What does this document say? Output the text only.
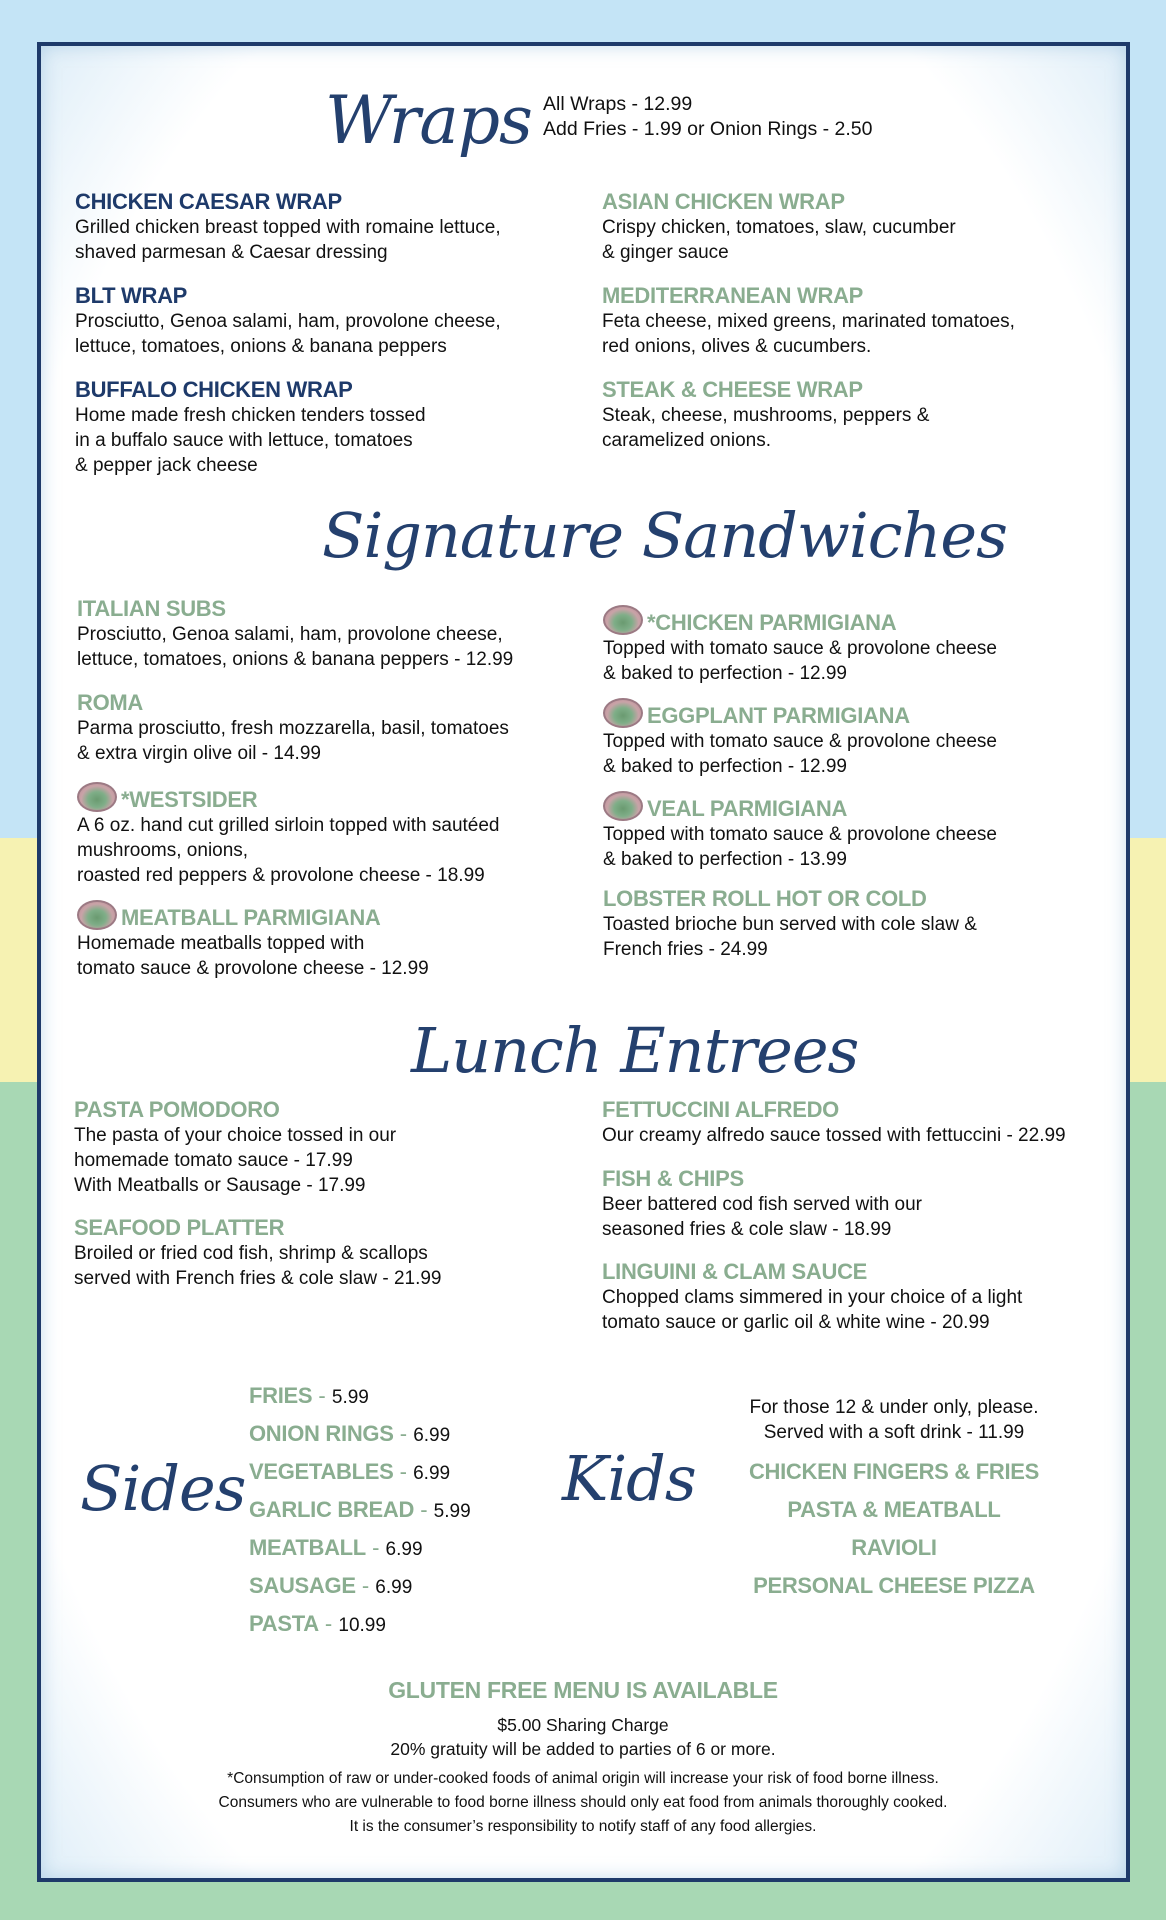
Wraps All Wraps - 12.99
Add Fries - 1.99 or Onion Rings - 2.50
CHICKEN CAESAR WRAP
Grilled chicken breast topped with romaine lettuce,
shaved parmesan & Caesar dressing
BLT WRAP
Prosciutto, Genoa salami, ham, provolone cheese,
lettuce, tomatoes, onions & banana peppers
BUFFALO CHICKEN WRAP
Home made fresh chicken tenders tossed
in a buffalo sauce with lettuce, tomatoes
& pepper jack cheese
ASIAN CHICKEN WRAP
Crispy chicken, tomatoes, slaw, cucumber
& ginger sauce
MEDITERRANEAN WRAP
Feta cheese, mixed greens, marinated tomatoes,
red onions, olives & cucumbers.
STEAK & CHEESE WRAP
Steak, cheese, mushrooms, peppers &
caramelized onions.
Signature Sandwiches
ITALIAN SUBS
Prosciutto, Genoa salami, ham, provolone cheese,
lettuce, tomatoes, onions & banana peppers - 12.99
ROMA
Parma prosciutto, fresh mozzarella, basil, tomatoes
& extra virgin olive oil - 14.99
*WESTSIDER
A 6 oz. hand cut grilled sirloin topped with sautéed
mushrooms, onions,
roasted red peppers & provolone cheese - 18.99
MEATBALL PARMIGIANA
Homemade meatballs topped with
tomato sauce & provolone cheese - 12.99
*CHICKEN PARMIGIANA
Topped with tomato sauce & provolone cheese
& baked to perfection - 12.99
EGGPLANT PARMIGIANA
Topped with tomato sauce & provolone cheese
& baked to perfection - 12.99
VEAL PARMIGIANA
Topped with tomato sauce & provolone cheese
& baked to perfection - 13.99
LOBSTER ROLL HOT OR COLD
Toasted brioche bun served with cole slaw &
French fries - 24.99
Lunch Entrees
PASTA POMODORO
The pasta of your choice tossed in our
homemade tomato sauce - 17.99
With Meatballs or Sausage - 17.99
SEAFOOD PLATTER
Broiled or fried cod fish, shrimp & scallops
served with French fries & cole slaw - 21.99
FETTUCCINI ALFREDO
Our creamy alfredo sauce tossed with fettuccini - 22.99
FISH & CHIPS
Beer battered cod fish served with our
seasoned fries & cole slaw - 18.99
LINGUINI & CLAM SAUCE
Chopped clams simmered in your choice of a light
tomato sauce or garlic oil & white wine - 20.99
Sides
FRIES - 5.99
ONION RINGS - 6.99
VEGETABLES - 6.99
GARLIC BREAD - 5.99
MEATBALL - 6.99
SAUSAGE - 6.99
PASTA - 10.99
Kids
For those 12 & under only, please.
Served with a soft drink - 11.99
CHICKEN FINGERS & FRIES
PASTA & MEATBALL
RAVIOLI
PERSONAL CHEESE PIZZA
GLUTEN FREE MENU IS AVAILABLE
$5.00 Sharing Charge
20% gratuity will be added to parties of 6 or more.
*Consumption of raw or under-cooked foods of animal origin will increase your risk of food borne illness.
Consumers who are vulnerable to food borne illness should only eat food from animals thoroughly cooked.
It is the consumer’s responsibility to notify staff of any food allergies.
